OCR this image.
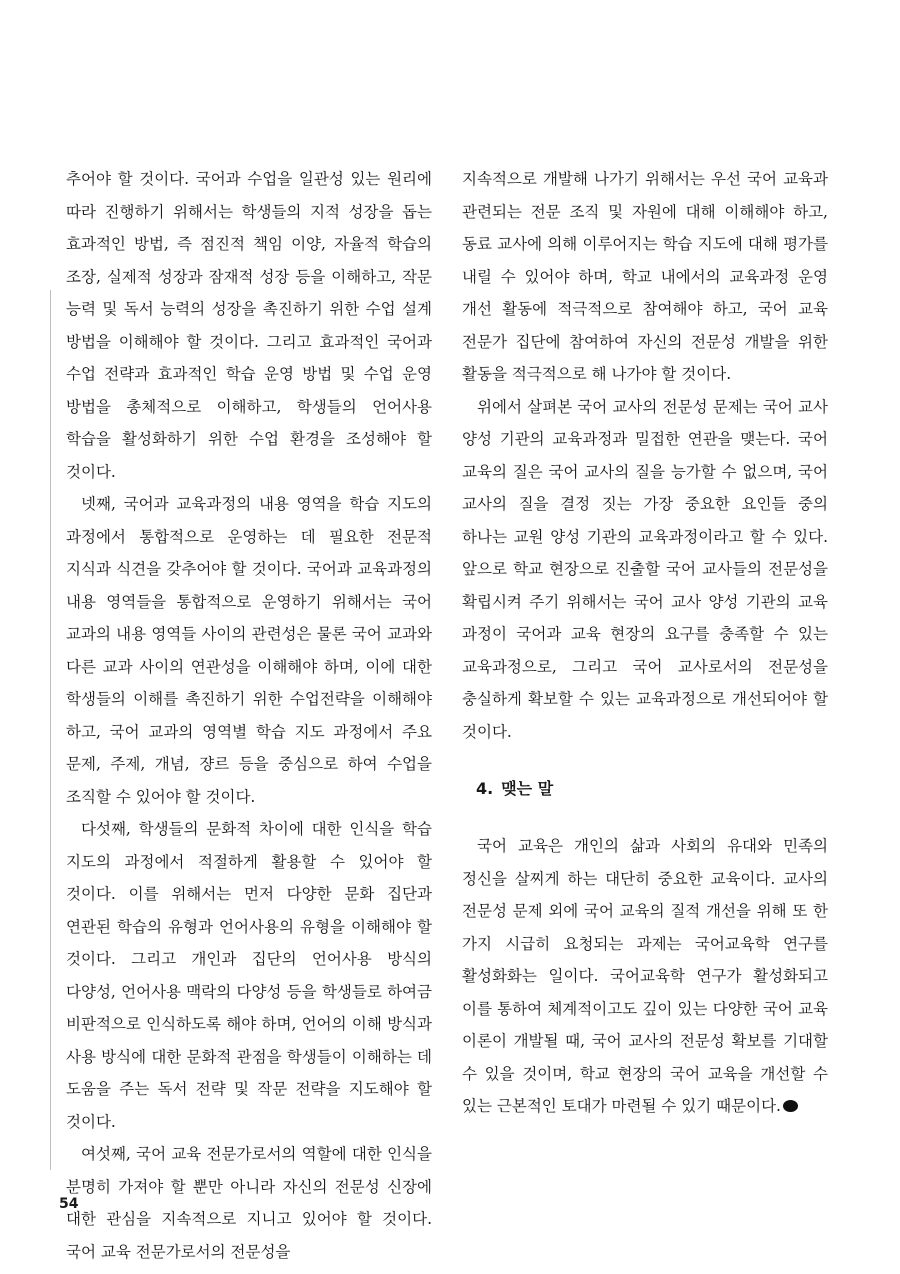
추어야 할 것이다. 국어과 수업을 일관성 있는 원리에 따라 진행하기 위해서는 학생들의 지적 성장을 돕는 효과적인 방법, 즉 점진적 책임 이양, 자율적 학습의 조장, 실제적 성장과 잠재적 성장 등을 이해하고, 작문 능력 및 독서 능력의 성장을 촉진하기 위한 수업 설계 방법을 이해해야 할 것이다. 그리고 효과적인 국어과 수업 전략과 효과적인 학습 운영 방법 및 수업 운영 방법을 총체적으로 이해하고, 학생들의 언어사용 학습을 활성화하기 위한 수업 환경을 조성해야 할 것이다.

넷째, 국어과 교육과정의 내용 영역을 학습 지도의 과정에서 통합적으로 운영하는 데 필요한 전문적 지식과 식견을 갖추어야 할 것이다. 국어과 교육과정의 내용 영역들을 통합적으로 운영하기 위해서는 국어 교과의 내용 영역들 사이의 관련성은 물론 국어 교과와 다른 교과 사이의 연관성을 이해해야 하며, 이에 대한 학생들의 이해를 촉진하기 위한 수업전략을 이해해야 하고, 국어 교과의 영역별 학습 지도 과정에서 주요 문제, 주제, 개념, 쟝르 등을 중심으로 하여 수업을 조직할 수 있어야 할 것이다.

다섯째, 학생들의 문화적 차이에 대한 인식을 학습 지도의 과정에서 적절하게 활용할 수 있어야 할 것이다. 이를 위해서는 먼저 다양한 문화 집단과 연관된 학습의 유형과 언어사용의 유형을 이해해야 할 것이다. 그리고 개인과 집단의 언어사용 방식의 다양성, 언어사용 맥락의 다양성 등을 학생들로 하여금 비판적으로 인식하도록 해야 하며, 언어의 이해 방식과 사용 방식에 대한 문화적 관점을 학생들이 이해하는 데 도움을 주는 독서 전략 및 작문 전략을 지도해야 할 것이다.

여섯째, 국어 교육 전문가로서의 역할에 대한 인식을 분명히 가져야 할 뿐만 아니라 자신의 전문성 신장에 대한 관심을 지속적으로 지니고 있어야 할 것이다. 국어 교육 전문가로서의 전문성을

지속적으로 개발해 나가기 위해서는 우선 국어 교육과 관련되는 전문 조직 및 자원에 대해 이해해야 하고, 동료 교사에 의해 이루어지는 학습 지도에 대해 평가를 내릴 수 있어야 하며, 학교 내에서의 교육과정 운영 개선 활동에 적극적으로 참여해야 하고, 국어 교육 전문가 집단에 참여하여 자신의 전문성 개발을 위한 활동을 적극적으로 해 나가야 할 것이다.

위에서 살펴본 국어 교사의 전문성 문제는 국어 교사 양성 기관의 교육과정과 밀접한 연관을 맺는다. 국어 교육의 질은 국어 교사의 질을 능가할 수 없으며, 국어 교사의 질을 결정 짓는 가장 중요한 요인들 중의 하나는 교원 양성 기관의 교육과정이라고 할 수 있다. 앞으로 학교 현장으로 진출할 국어 교사들의 전문성을 확립시켜 주기 위해서는 국어 교사 양성 기관의 교육 과정이 국어과 교육 현장의 요구를 충족할 수 있는 교육과정으로, 그리고 국어 교사로서의 전문성을 충실하게 확보할 수 있는 교육과정으로 개선되어야 할 것이다.

4. 맺는 말

국어 교육은 개인의 삶과 사회의 유대와 민족의 정신을 살찌게 하는 대단히 중요한 교육이다. 교사의 전문성 문제 외에 국어 교육의 질적 개선을 위해 또 한 가지 시급히 요청되는 과제는 국어교육학 연구를 활성화화는 일이다. 국어교육학 연구가 활성화되고 이를 통하여 체계적이고도 깊이 있는 다양한 국어 교육 이론이 개발될 때, 국어 교사의 전문성 확보를 기대할 수 있을 것이며, 학교 현장의 국어 교육을 개선할 수 있는 근본적인 토대가 마련될 수 있기 때문이다.

54
